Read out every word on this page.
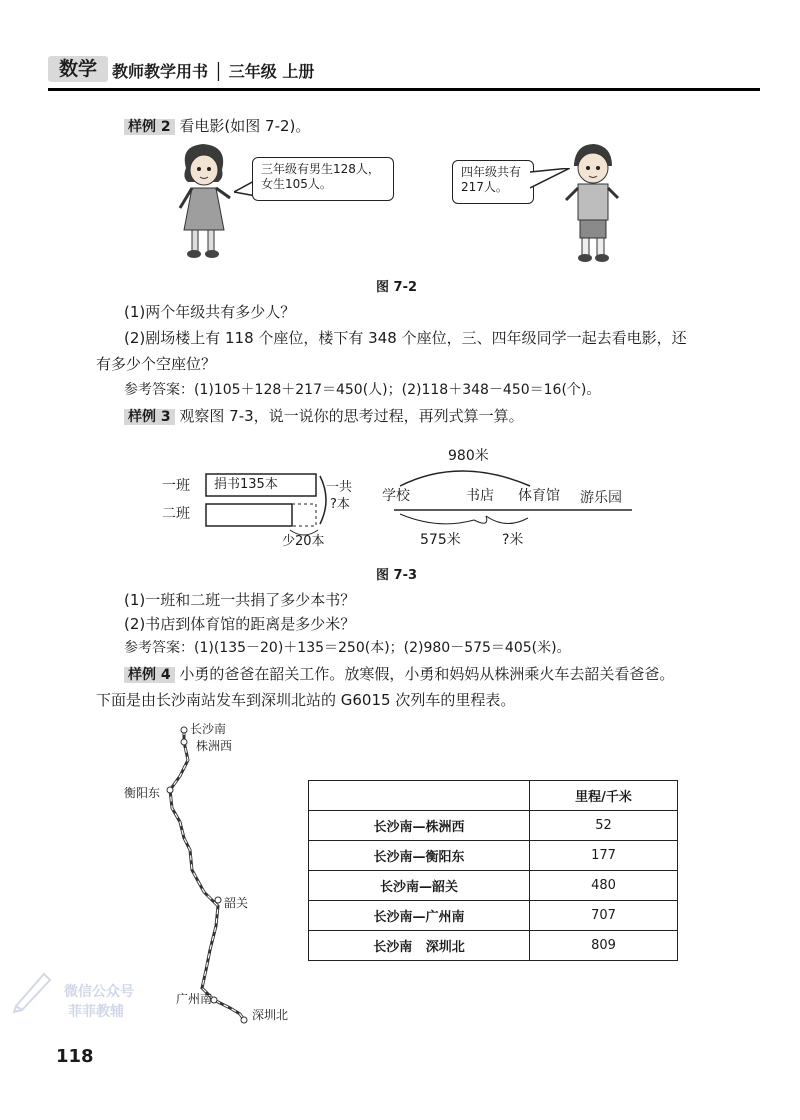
数学 教师教学用书 │ 三年级 上册
样例 2 看电影(如图 7-2)。
三年级有男生128人，女生105人。
四年级共有217人。
图 7-2
(1)两个年级共有多少人？
(2)剧场楼上有 118 个座位，楼下有 348 个座位，三、四年级同学一起去看电影，还
有多少个空座位？
参考答案：(1)105＋128＋217＝450(人)；(2)118＋348－450＝16(个)。
样例 3 观察图 7-3，说一说你的思考过程，再列式算一算。
一班
二班
捐书135本	一共
?本
少20本
980米
学校	书店 体育馆 游乐园
575米	?米
图 7-3
(1)一班和二班一共捐了多少本书？
(2)书店到体育馆的距离是多少米？
参考答案：(1)(135－20)＋135＝250(本)；(2)980－575＝405(米)。
样例 4 小勇的爸爸在韶关工作。放寒假，小勇和妈妈从株洲乘火车去韶关看爸爸。
下面是由长沙南站发车到深圳北站的 G6015 次列车的里程表。
长沙南
株洲西
衡阳东
韶关
广州南
深圳北
	里程/千米
长沙南—株洲西	52
长沙南—衡阳东	177
长沙南—韶关	480
长沙南—广州南	707
长沙南   深圳北	809
微信公众号
菲菲教辅
118
